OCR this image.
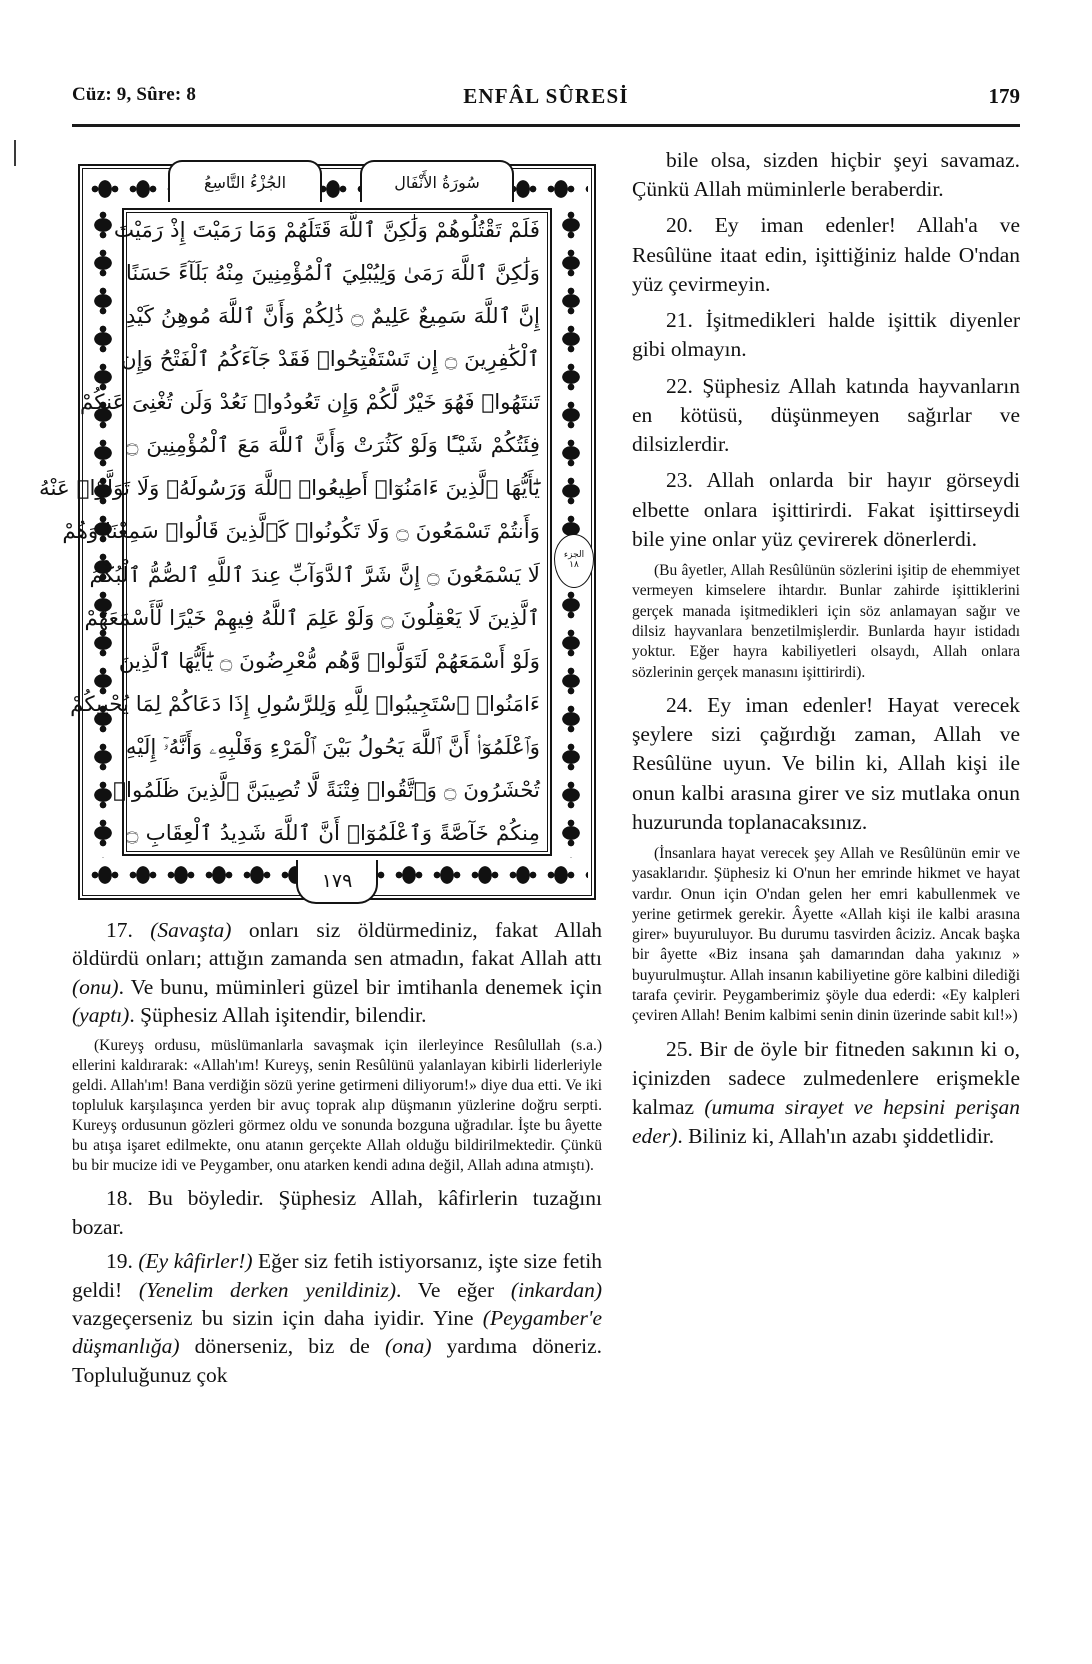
Cüz: 9, Sûre: 8	ENFÂL SÛRESİ	179
سُورَةُ الأَنْفَال
الجُزْءُ التَّاسِعُ
فَلَمْ تَقْتُلُوهُمْ وَلَٰكِنَّ ٱللَّهَ قَتَلَهُمْ وَمَا رَمَيْتَ إِذْ رَمَيْتَ
وَلَٰكِنَّ ٱللَّهَ رَمَىٰ وَلِيُبْلِيَ ٱلْمُؤْمِنِينَ مِنْهُ بَلَآءً حَسَنًا
إِنَّ ٱللَّهَ سَمِيعٌ عَلِيمٌ ۝ ذَٰلِكُمْ وَأَنَّ ٱللَّهَ مُوهِنُ كَيْدِ
ٱلْكَٰفِرِينَ ۝ إِن تَسْتَفْتِحُوا۟ فَقَدْ جَآءَكُمُ ٱلْفَتْحُ وَإِن
تَنتَهُوا۟ فَهُوَ خَيْرٌ لَّكُمْ وَإِن تَعُودُوا۟ نَعُدْ وَلَن تُغْنِىَ عَنكُمْ
فِئَتُكُمْ شَيْـًٔا وَلَوْ كَثُرَتْ وَأَنَّ ٱللَّهَ مَعَ ٱلْمُؤْمِنِينَ ۝
يَٰٓأَيُّهَا ٱلَّذِينَ ءَامَنُوٓا۟ أَطِيعُوا۟ ٱللَّهَ وَرَسُولَهُۥ وَلَا تَوَلَّوْا۟ عَنْهُ
وَأَنتُمْ تَسْمَعُونَ ۝ وَلَا تَكُونُوا۟ كَٱلَّذِينَ قَالُوا۟ سَمِعْنَا وَهُمْ
لَا يَسْمَعُونَ ۝ إِنَّ شَرَّ ٱلدَّوَآبِّ عِندَ ٱللَّهِ ٱلصُّمُّ ٱلْبُكْمُ
ٱلَّذِينَ لَا يَعْقِلُونَ ۝ وَلَوْ عَلِمَ ٱللَّهُ فِيهِمْ خَيْرًا لَّأَسْمَعَهُمْ
وَلَوْ أَسْمَعَهُمْ لَتَوَلَّوا۟ وَّهُم مُّعْرِضُونَ ۝ يَٰٓأَيُّهَا ٱلَّذِينَ
ءَامَنُوا۟ ٱسْتَجِيبُوا۟ لِلَّهِ وَلِلرَّسُولِ إِذَا دَعَاكُمْ لِمَا يُحْيِيكُمْ
وَٱعْلَمُوٓا۟ أَنَّ ٱللَّهَ يَحُولُ بَيْنَ ٱلْمَرْءِ وَقَلْبِهِۦ وَأَنَّهُۥٓ إِلَيْهِ
تُحْشَرُونَ ۝ وَٱتَّقُوا۟ فِتْنَةً لَّا تُصِيبَنَّ ٱلَّذِينَ ظَلَمُوا۟
مِنكُمْ خَآصَّةً وَٱعْلَمُوٓا۟ أَنَّ ٱللَّهَ شَدِيدُ ٱلْعِقَابِ ۝
الجزء
١٨
١٧٩

17. (Savaşta) onları siz öldürmediniz, fakat Allah öldürdü onları; attığın zamanda sen atmadın, fakat Allah attı (onu). Ve bunu, müminleri güzel bir imtihanla denemek için (yaptı). Şüphesiz Allah işitendir, bilendir.

(Kureyş ordusu, müslümanlarla savaşmak için ilerleyince Resûlullah (s.a.) ellerini kaldırarak: «Allah'ım! Kureyş, senin Resûlünü yalanlayan kibirli liderleriyle geldi. Allah'ım! Bana verdiğin sözü yerine getirmeni diliyorum!» diye dua etti. Ve iki topluluk karşılaşınca yerden bir avuç toprak alıp düşmanın yüzlerine doğru serpti. Kureyş ordusunun gözleri görmez oldu ve sonunda bozguna uğradılar. İşte bu âyette bu atışa işaret edilmekte, onu atanın gerçekte Allah olduğu bildirilmektedir. Çünkü bu bir mucize idi ve Peygamber, onu atarken kendi adına değil, Allah adına atmıştı).

18. Bu böyledir. Şüphesiz Allah, kâfirlerin tuzağını bozar.

19. (Ey kâfirler!) Eğer siz fetih istiyorsanız, işte size fetih geldi! (Yenelim derken yenildiniz). Ve eğer (inkardan) vazgeçerseniz bu sizin için daha iyidir. Yine (Peygamber'e düşmanlığa) dönerseniz, biz de (ona) yardıma döneriz. Topluluğunuz çok

bile olsa, sizden hiçbir şeyi savamaz. Çünkü Allah müminlerle beraberdir.

20. Ey iman edenler! Allah'a ve Resûlüne itaat edin, işittiğiniz halde O'ndan yüz çevirmeyin.

21. İşitmedikleri halde işittik diyenler gibi olmayın.

22. Şüphesiz Allah katında hayvanların en kötüsü, düşünmeyen sağırlar ve dilsizlerdir.

23. Allah onlarda bir hayır görseydi elbette onlara işittirirdi. Fakat işittirseydi bile yine onlar yüz çevirerek dönerlerdi.

(Bu âyetler, Allah Resûlünün sözlerini işitip de ehemmiyet vermeyen kimselere ihtardır. Bunlar zahirde işittiklerini gerçek manada işitmedikleri için söz anlamayan sağır ve dilsiz hayvanlara benzetilmişlerdir. Bunlarda hayır istidadı yoktur. Eğer hayra kabiliyetleri olsaydı, Allah onlara sözlerinin gerçek manasını işittirirdi).

24. Ey iman edenler! Hayat verecek şeylere sizi çağırdığı zaman, Allah ve Resûlüne uyun. Ve bilin ki, Allah kişi ile onun kalbi arasına girer ve siz mutlaka onun huzurunda toplanacaksınız.

(İnsanlara hayat verecek şey Allah ve Resûlünün emir ve yasaklarıdır. Şüphesiz ki O'nun her emrinde hikmet ve hayat vardır. Onun için O'ndan gelen her emri kabullenmek ve yerine getirmek gerekir. Âyette «Allah kişi ile kalbi arasına girer» buyuruluyor. Bu durumu tasvirden âciziz. Ancak başka bir âyette «Biz insana şah damarından daha yakınız » buyurulmuştur. Allah insanın kabiliyetine göre kalbini dilediği tarafa çevirir. Peygamberimiz şöyle dua ederdi: «Ey kalpleri çeviren Allah! Benim kalbimi senin dinin üzerinde sabit kıl!»)

25. Bir de öyle bir fitneden sakının ki o, içinizden sadece zulmedenlere erişmekle kalmaz (umuma sirayet ve hepsini perişan eder). Biliniz ki, Allah'ın azabı şiddetlidir.
